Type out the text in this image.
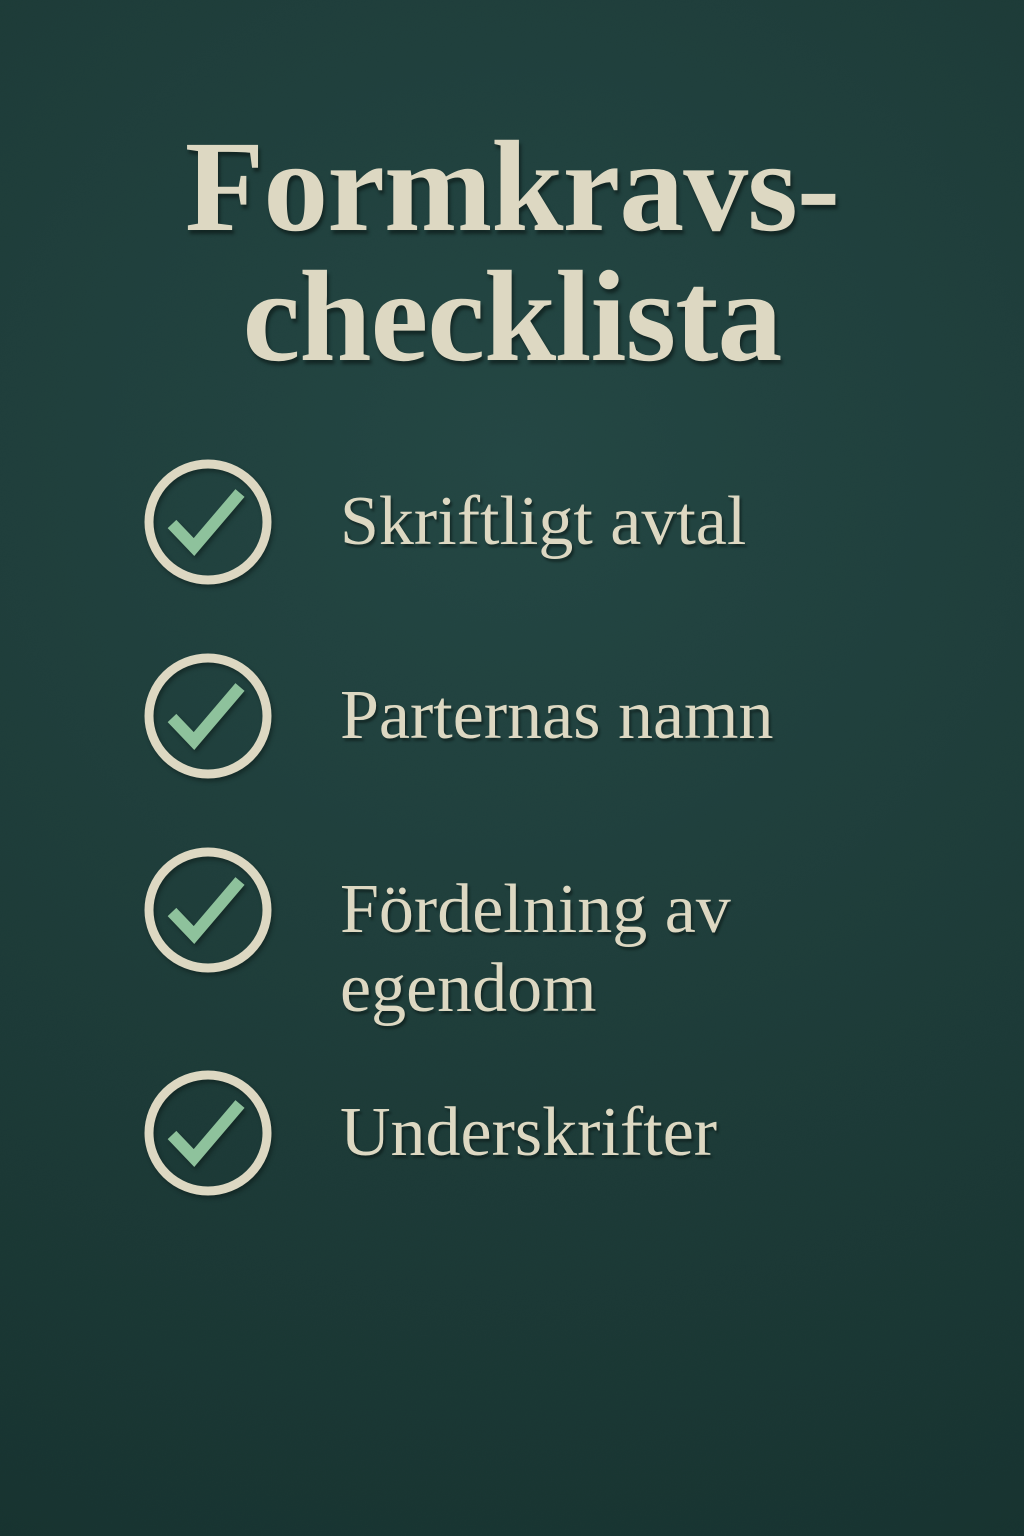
Formkravs-
checklista
Skriftligt avtal
Parternas namn
Fördelning av egendom
Underskrifter
